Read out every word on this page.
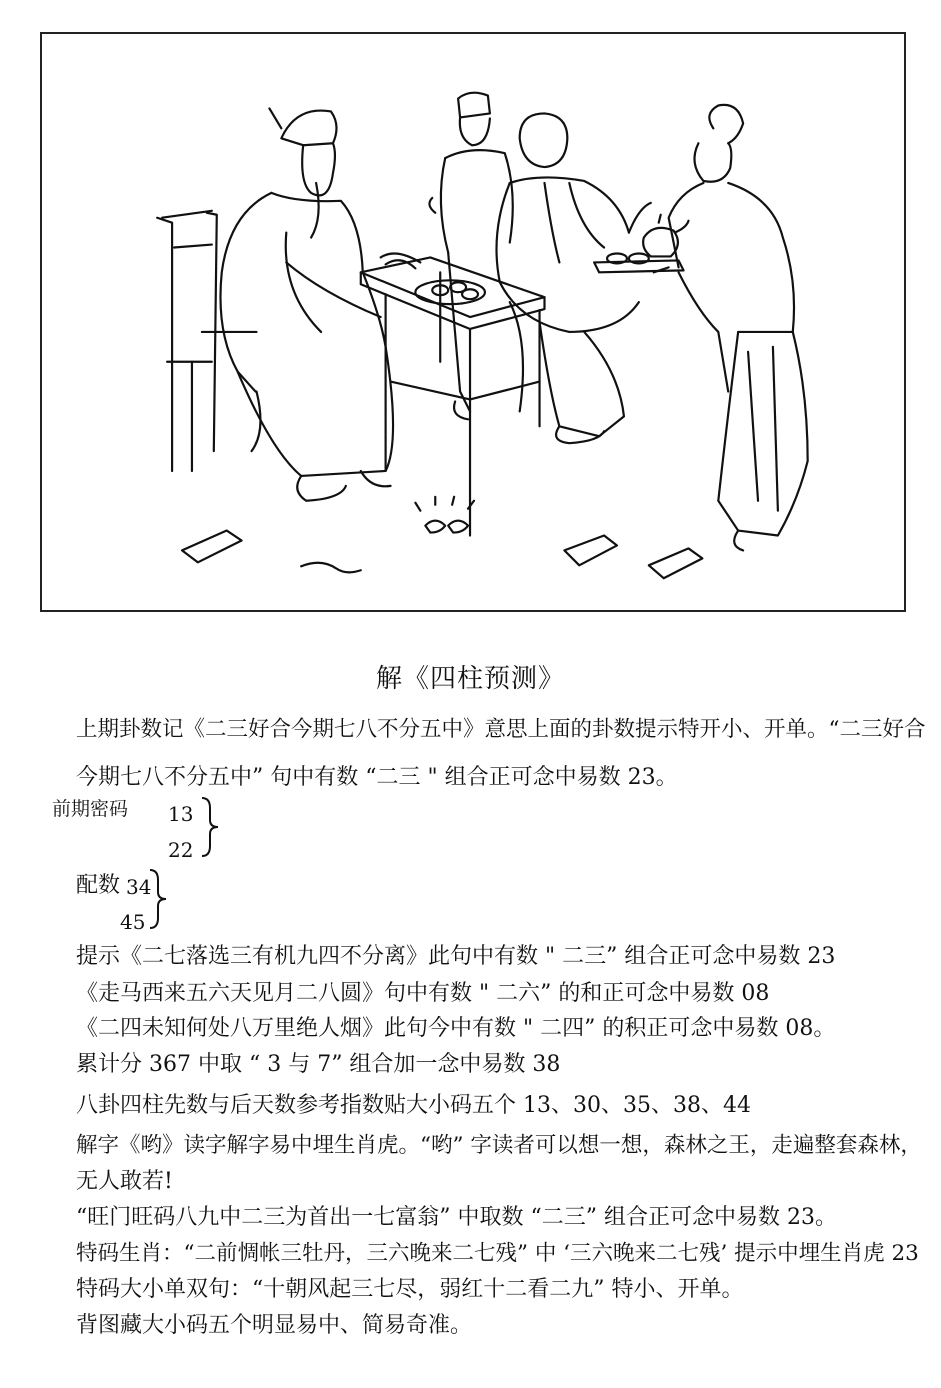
解《四柱预测》
上期卦数记《二三好合今期七八不分五中》意思上面的卦数提示特开小、开单。“二三好合
今期七八不分五中” 句中有数 “二三 " 组合正可念中易数 23。
前期密码 13
22
配数 34
45
提示《二七落选三有机九四不分离》此句中有数 " 二三” 组合正可念中易数 23
《走马西来五六天见月二八圆》句中有数 " 二六” 的和正可念中易数 08
《二四未知何处八万里绝人烟》此句今中有数 " 二四” 的积正可念中易数 08。
累计分 367 中取 “ 3 与 7” 组合加一念中易数 38
八卦四柱先数与后天数参考指数贴大小码五个 13、30、35、38、44
解字《哟》读字解字易中埋生肖虎。“哟” 字读者可以想一想，森林之王，走遍整套森林，
无人敢若!
“旺门旺码八九中二三为首出一七富翁” 中取数 “二三” 组合正可念中易数 23。
特码生肖：“二前惆帐三牡丹，三六晚来二七残” 中 ‘三六晚来二七残’ 提示中埋生肖虎 23
特码大小单双句：“十朝风起三七尽，弱红十二看二九” 特小、开单。
背图藏大小码五个明显易中、简易奇准。
